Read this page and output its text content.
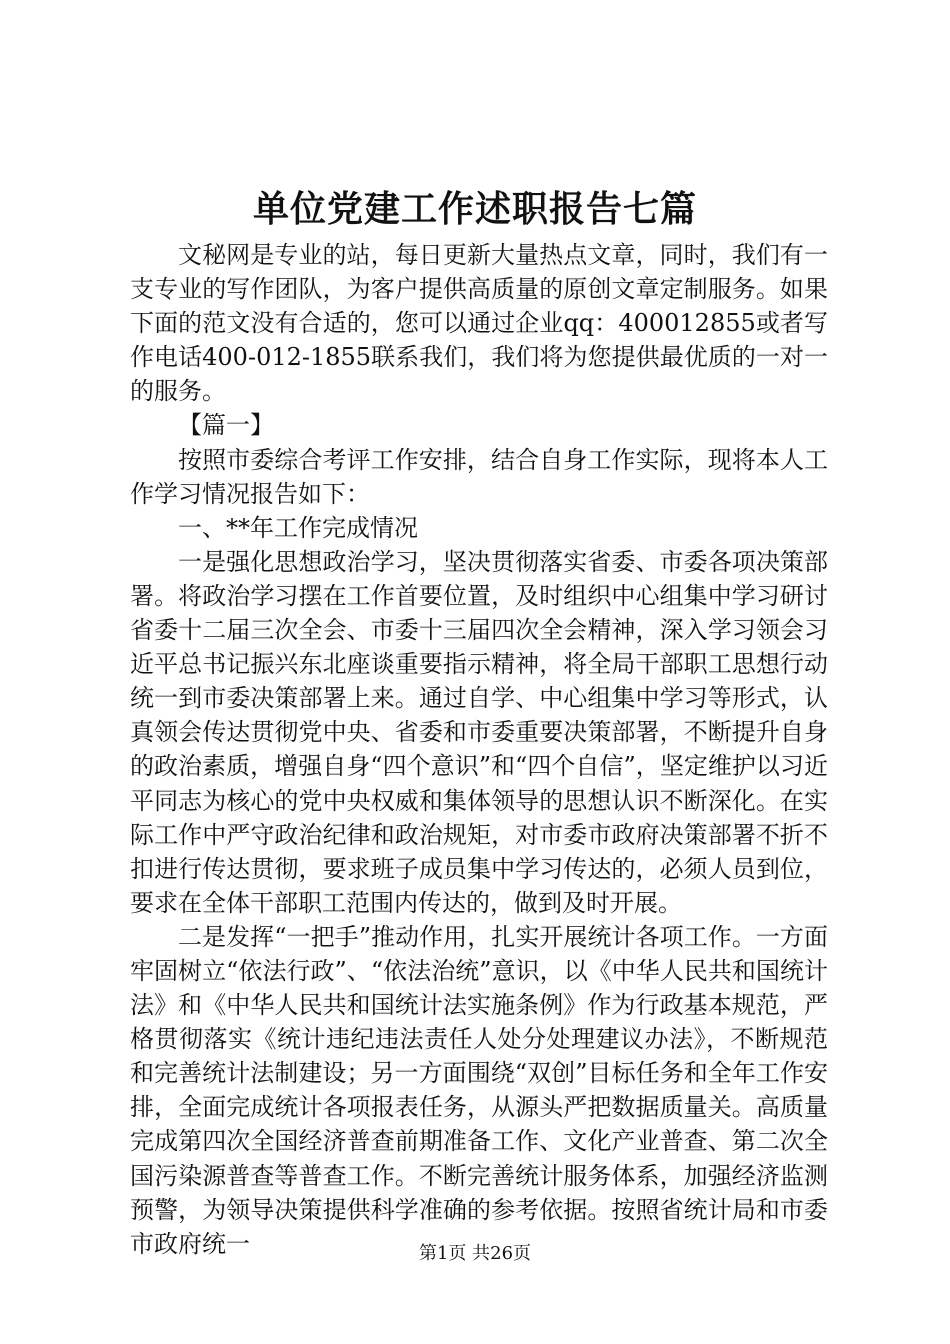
单位党建工作述职报告七篇

文秘网是专业的站，每日更新大量热点文章，同时，我们有一支专业的写作团队，为客户提供高质量的原创文章定制服务。如果下面的范文没有合适的，您可以通过企业qq：400012855或者写作电话400-012-1855联系我们，我们将为您提供最优质的一对一的服务。

【篇一】

按照市委综合考评工作安排，结合自身工作实际，现将本人工作学习情况报告如下：

一、**年工作完成情况

一是强化思想政治学习，坚决贯彻落实省委、市委各项决策部署。将政治学习摆在工作首要位置，及时组织中心组集中学习研讨省委十二届三次全会、市委十三届四次全会精神，深入学习领会习近平总书记振兴东北座谈重要指示精神，将全局干部职工思想行动统一到市委决策部署上来。通过自学、中心组集中学习等形式，认真领会传达贯彻党中央、省委和市委重要决策部署，不断提升自身的政治素质，增强自身“四个意识”和“四个自信”，坚定维护以习近平同志为核心的党中央权威和集体领导的思想认识不断深化。在实际工作中严守政治纪律和政治规矩，对市委市政府决策部署不折不扣进行传达贯彻，要求班子成员集中学习传达的，必须人员到位，要求在全体干部职工范围内传达的，做到及时开展。

二是发挥“一把手”推动作用，扎实开展统计各项工作。一方面牢固树立“依法行政”、“依法治统”意识，以《中华人民共和国统计法》和《中华人民共和国统计法实施条例》作为行政基本规范，严格贯彻落实《统计违纪违法责任人处分处理建议办法》，不断规范和完善统计法制建设；另一方面围绕“双创”目标任务和全年工作安排，全面完成统计各项报表任务，从源头严把数据质量关。高质量完成第四次全国经济普查前期准备工作、文化产业普查、第二次全国污染源普查等普查工作。不断完善统计服务体系，加强经济监测预警，为领导决策提供科学准确的参考依据。按照省统计局和市委市政府统一	第1页 共26页
